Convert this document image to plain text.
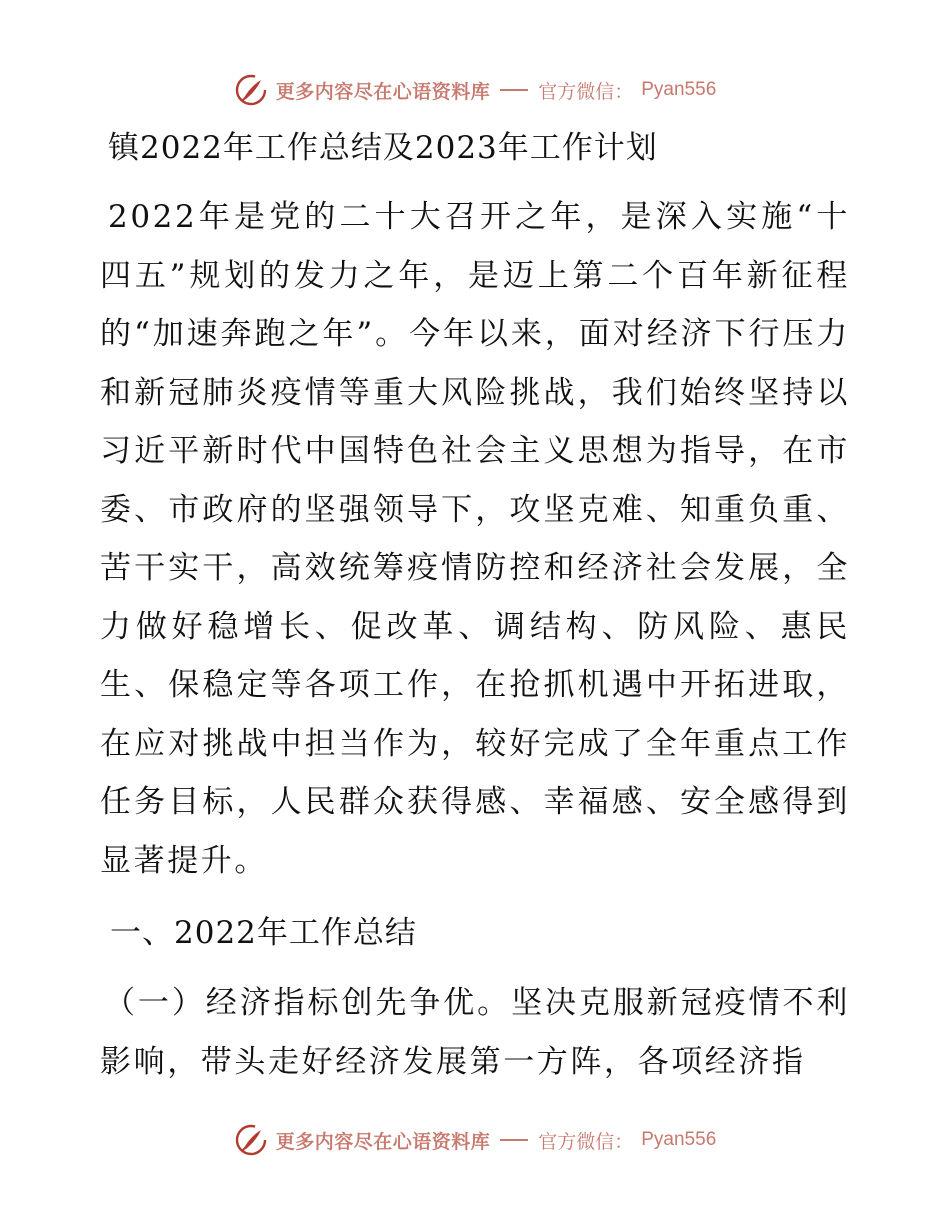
更多内容尽在心语资料库	官方微信： Pyan556
镇2022年工作总结及2023年工作计划

2022年是党的二十大召开之年，是深入实施“十四五”规划的发力之年，是迈上第二个百年新征程的“加速奔跑之年”。今年以来，面对经济下行压力和新冠肺炎疫情等重大风险挑战，我们始终坚持以习近平新时代中国特色社会主义思想为指导，在市委、市政府的坚强领导下，攻坚克难、知重负重、苦干实干，高效统筹疫情防控和经济社会发展，全力做好稳增长、促改革、调结构、防风险、惠民生、保稳定等各项工作，在抢抓机遇中开拓进取，在应对挑战中担当作为，较好完成了全年重点工作任务目标，人民群众获得感、幸福感、安全感得到显著提升。

一、2022年工作总结

（一）经济指标创先争优。坚决克服新冠疫情不利影响，带头走好经济发展第一方阵，各项经济指

更多内容尽在心语资料库	官方微信： Pyan556
